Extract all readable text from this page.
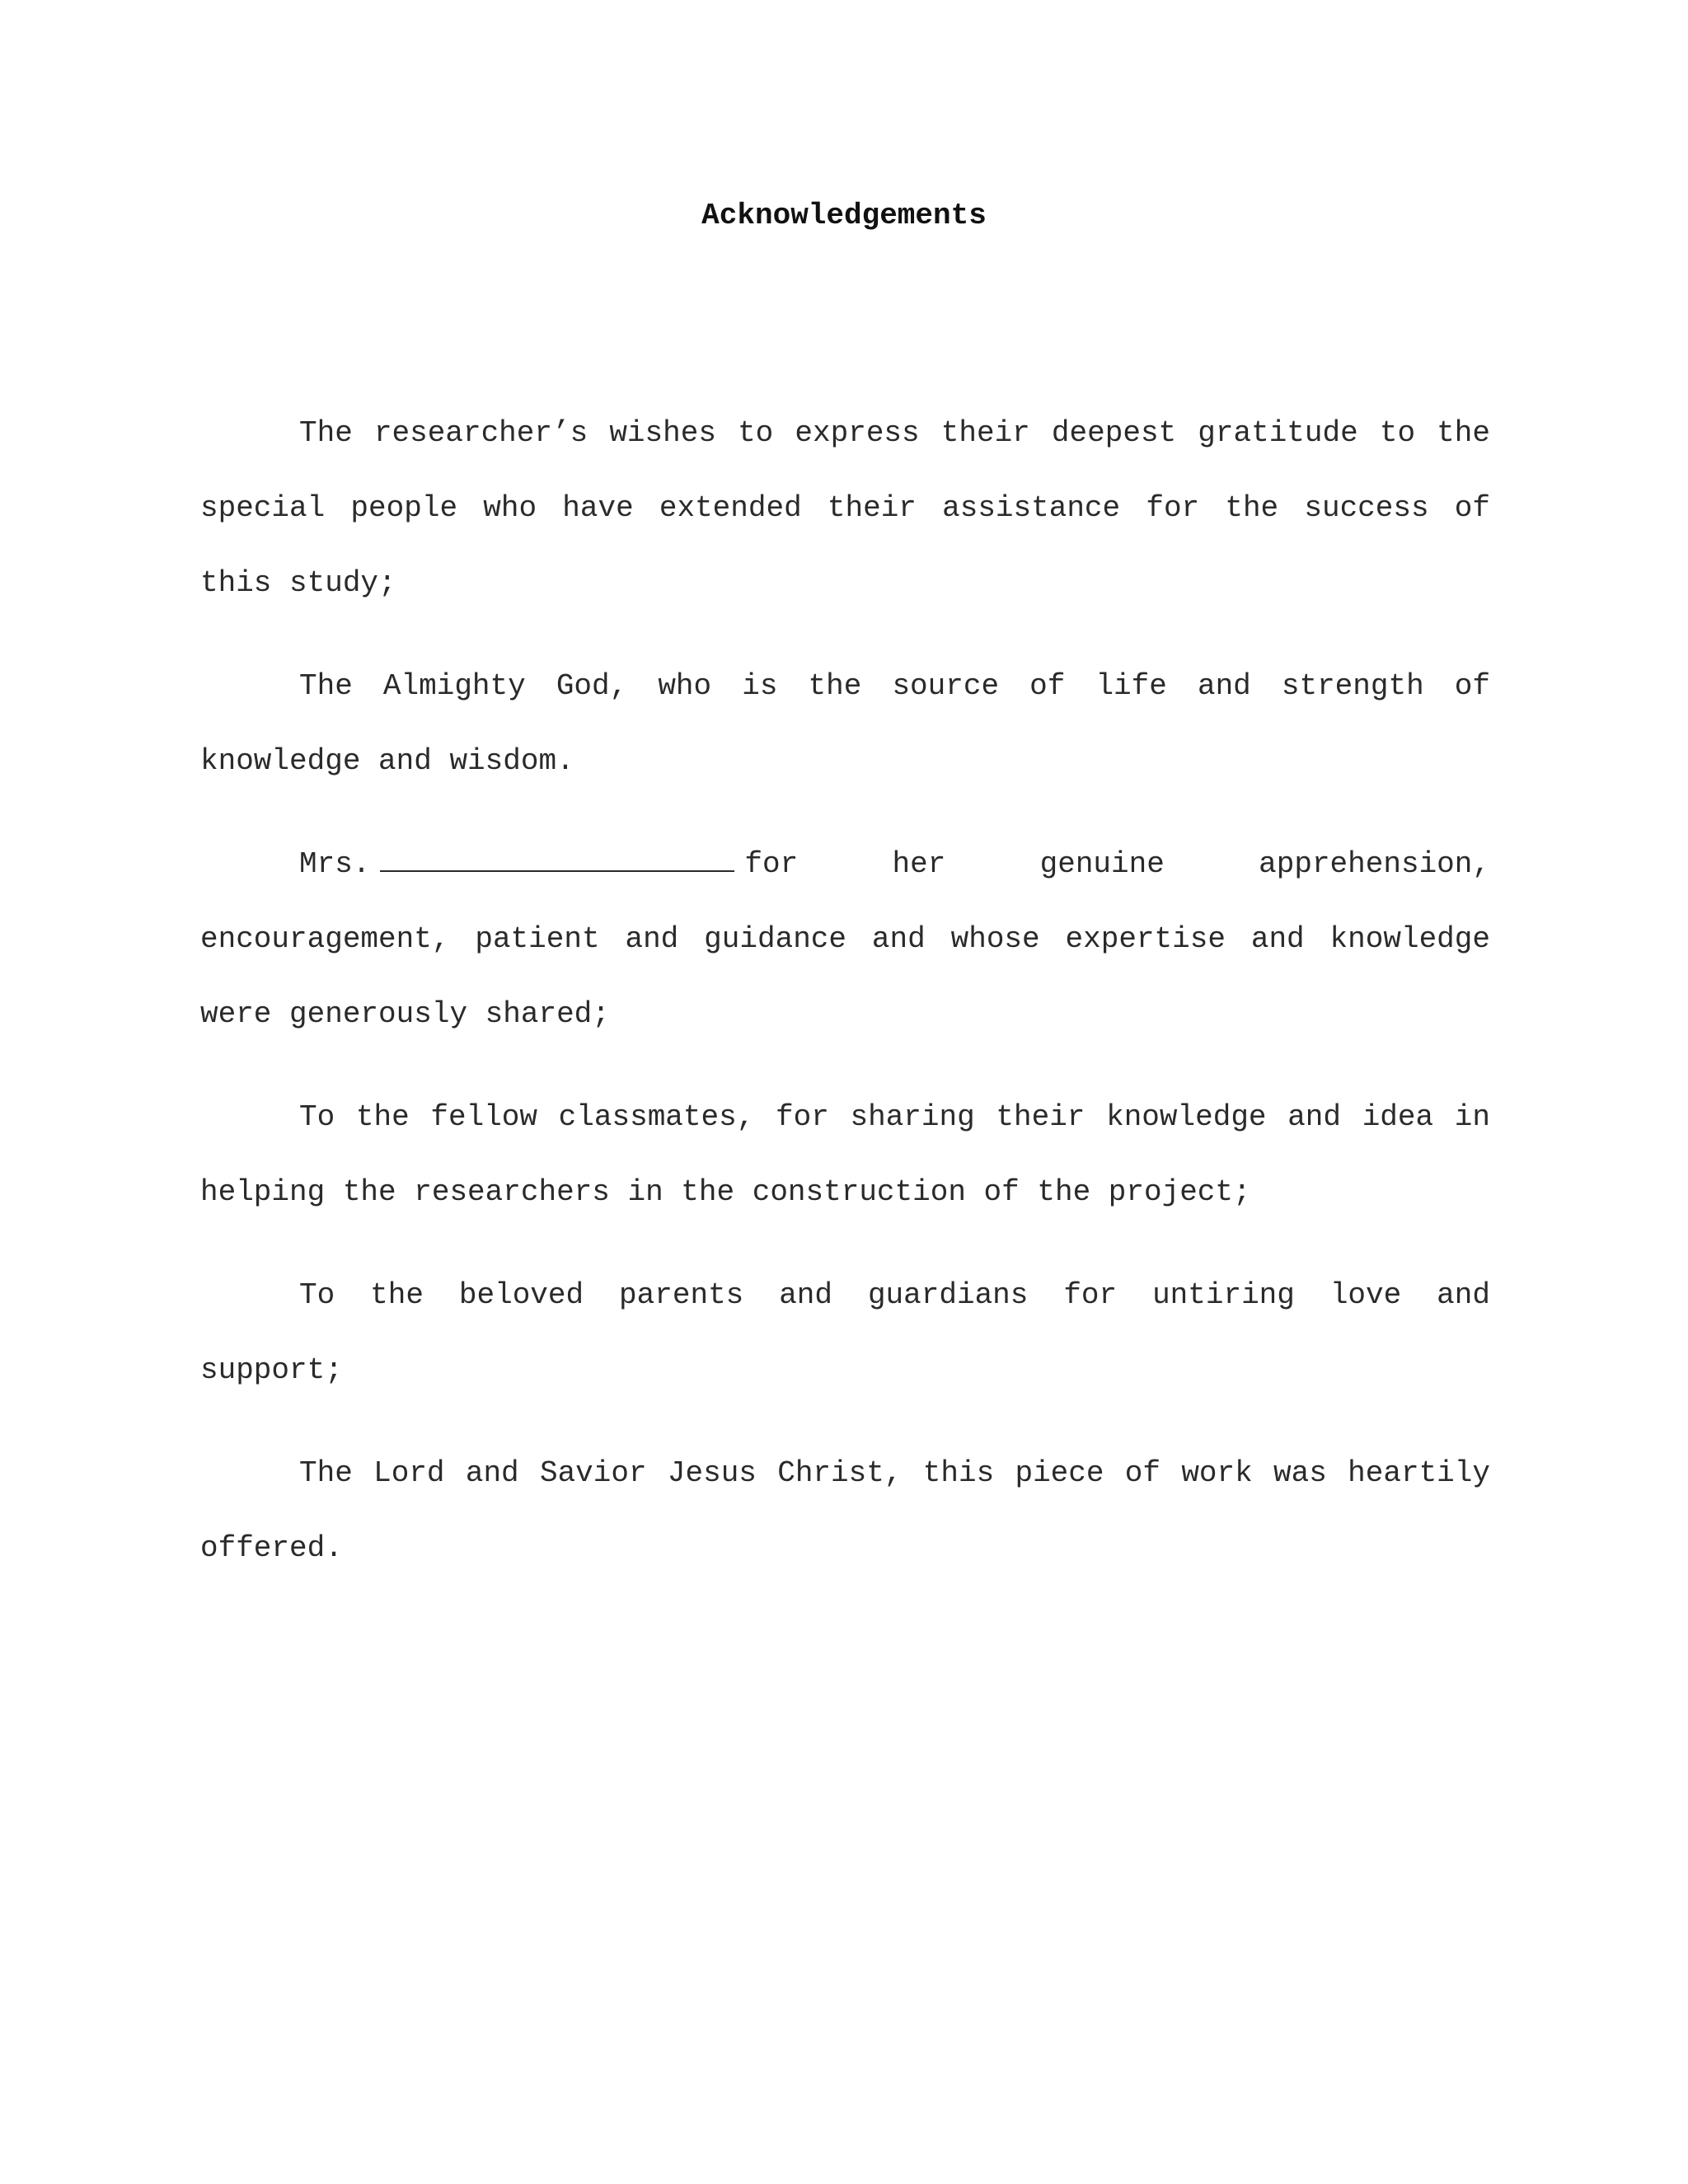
Acknowledgements

The researcher’s wishes to express their deepest gratitude to the special people who have extended their assistance for the success of this study;

The Almighty God, who is the source of life and strength of knowledge and wisdom.

Mrs.	for her genuine apprehension, encouragement, patient and guidance and whose expertise and knowledge were generously shared;

To the fellow classmates, for sharing their knowledge and idea in helping the researchers in the construction of the project;

To the beloved parents and guardians for untiring love and support;

The Lord and Savior Jesus Christ, this piece of work was heartily offered.
